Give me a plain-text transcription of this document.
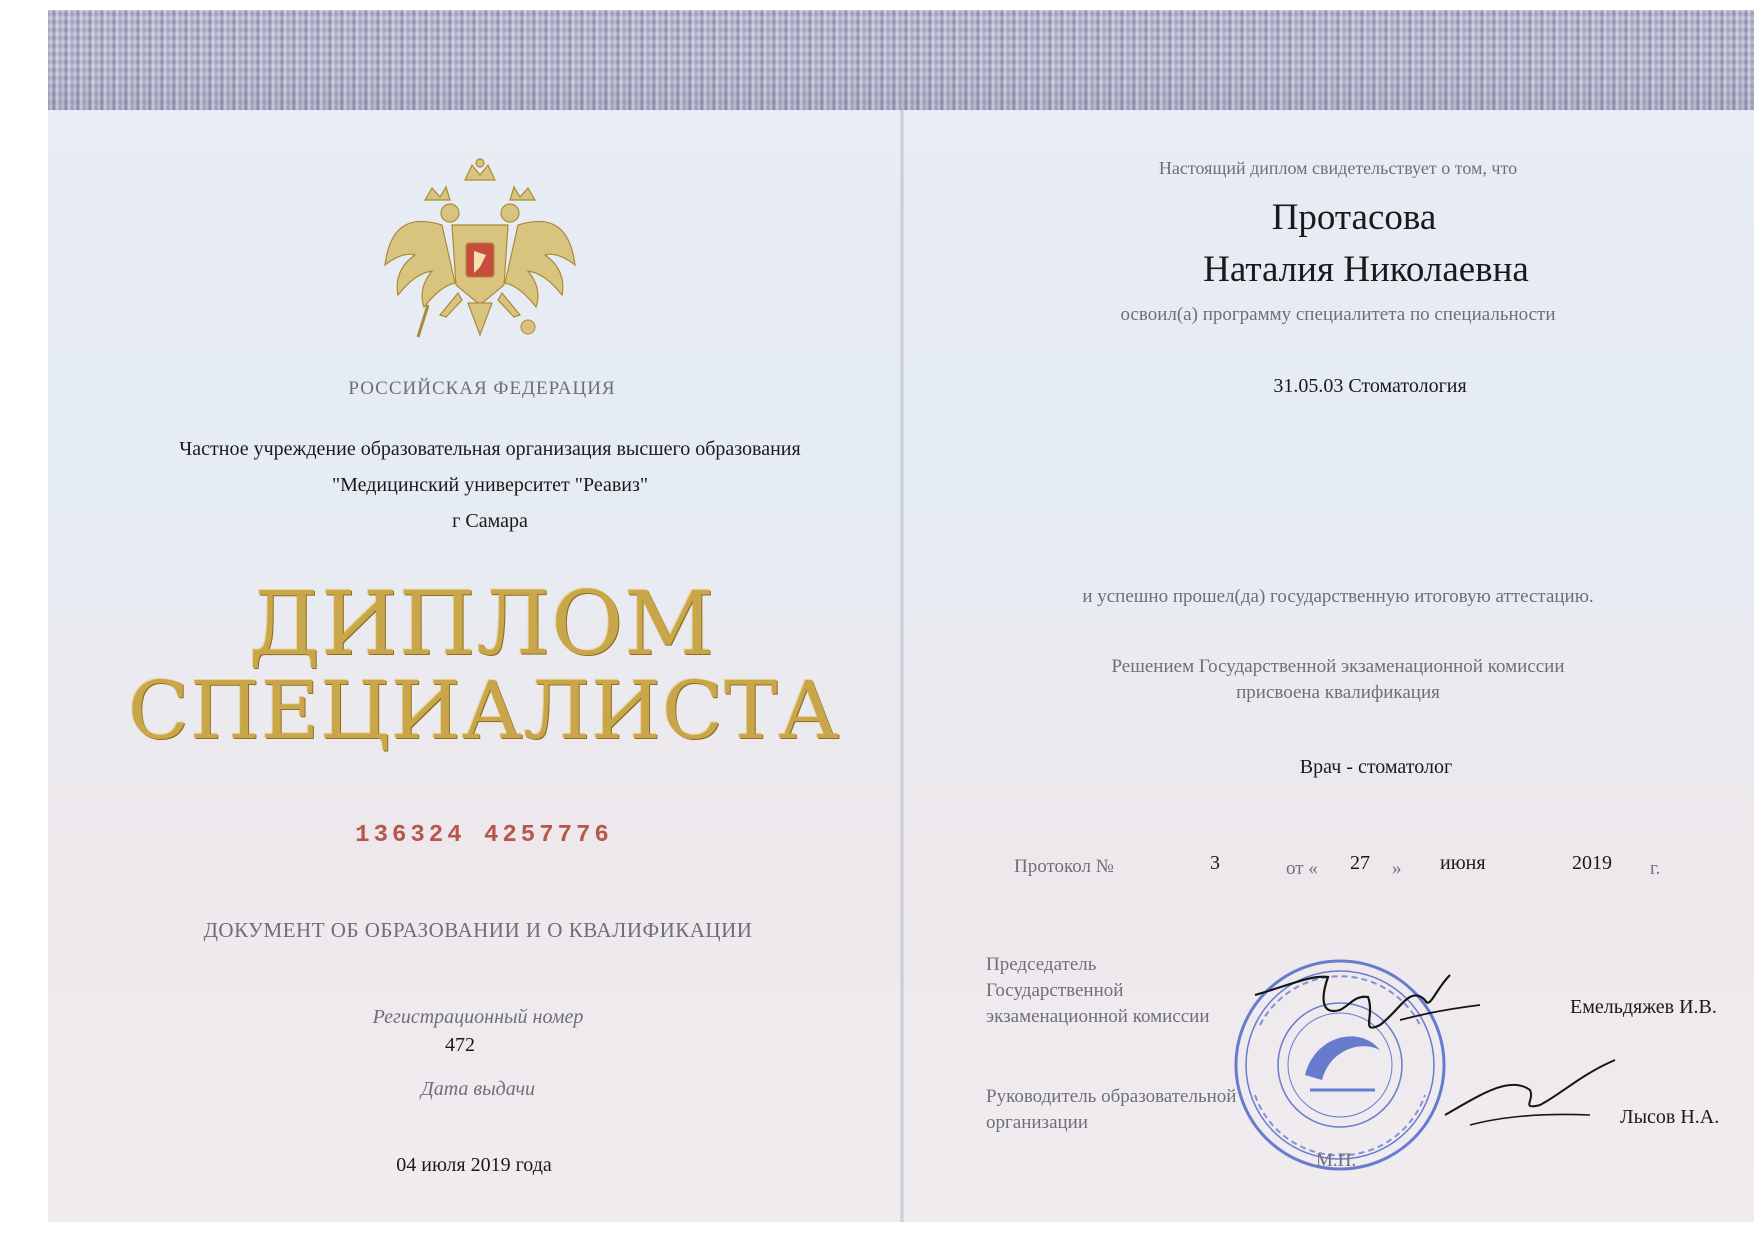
РОССИЙСКАЯ ФЕДЕРАЦИЯ
Частное учреждение образовательная организация высшего образования
"Медицинский университет "Реавиз"
г Самара
ДИПЛОМ
СПЕЦИАЛИСТА
136324 4257776
ДОКУМЕНТ ОБ ОБРАЗОВАНИИ И О КВАЛИФИКАЦИИ
Регистрационный номер
472
Дата выдачи
04 июля 2019 года
Настоящий диплом свидетельствует о том, что
Протасова
Наталия Николаевна
освоил(а) программу специалитета по специальности
31.05.03 Стоматология
и успешно прошел(да) государственную итоговую аттестацию.
Решением Государственной экзаменационной комиссии
присвоена квалификация
Врач - стоматолог
Протокол №	3	от « 27 » июня	2019 г.
Председатель
Государственной
экзаменационной комиссии	Емельдяжев И.В.
Руководитель образовательной
организации	Лысов Н.А.
М.П.
